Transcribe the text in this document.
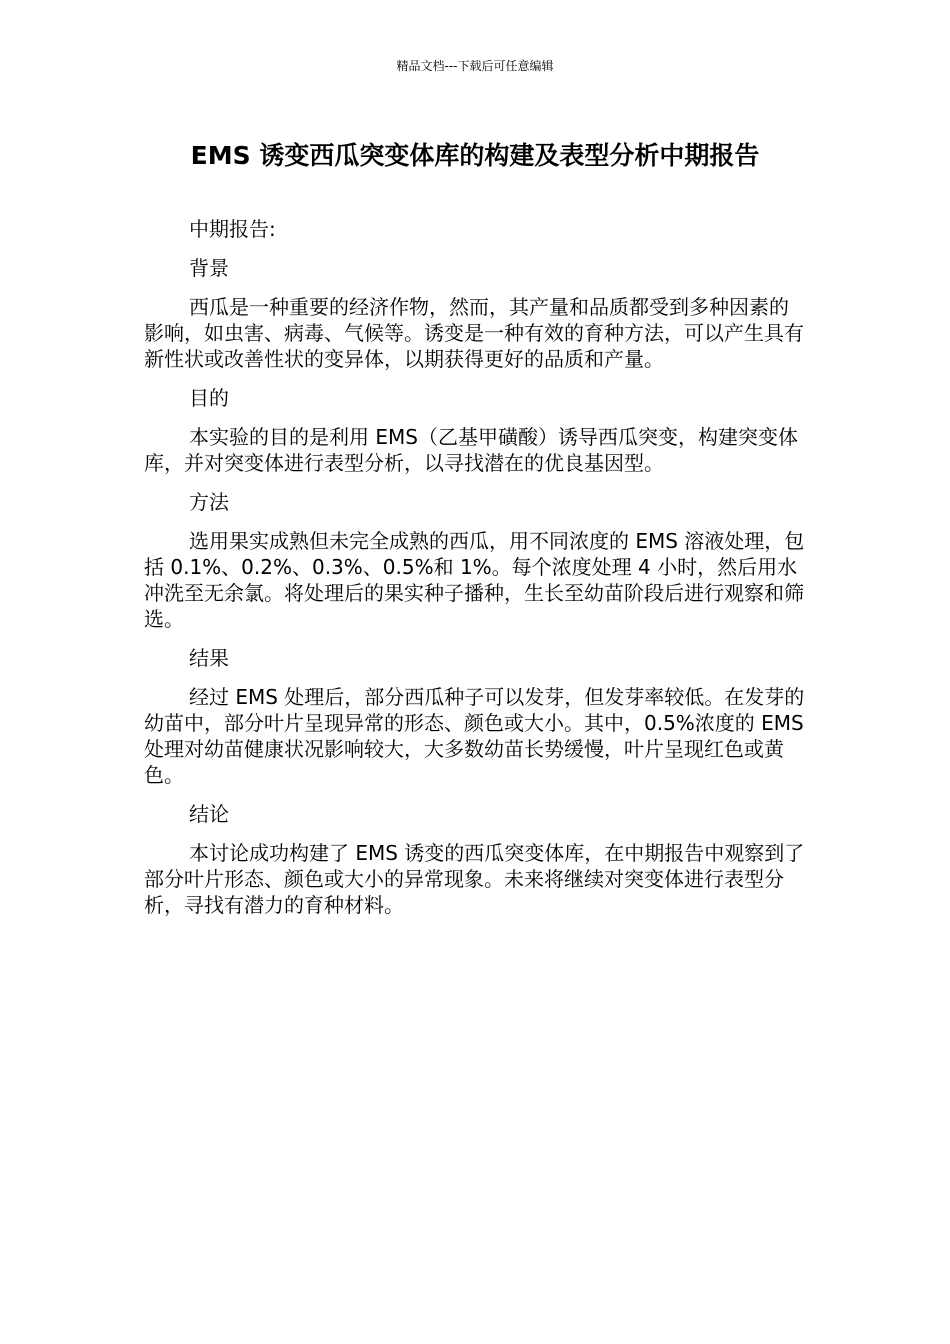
精品文档---下载后可任意编辑
EMS 诱变西瓜突变体库的构建及表型分析中期报告

中期报告:

背景

西瓜是一种重要的经济作物，然而，其产量和品质都受到多种因素的影响，如虫害、病毒、气候等。诱变是一种有效的育种方法，可以产生具有新性状或改善性状的变异体，以期获得更好的品质和产量。

目的

本实验的目的是利用 EMS（乙基甲磺酸）诱导西瓜突变，构建突变体库，并对突变体进行表型分析，以寻找潜在的优良基因型。

方法

选用果实成熟但未完全成熟的西瓜，用不同浓度的 EMS 溶液处理，包括 0.1%、0.2%、0.3%、0.5%和 1%。每个浓度处理 4 小时，然后用水冲洗至无余氯。将处理后的果实种子播种，生长至幼苗阶段后进行观察和筛选。

结果

经过 EMS 处理后，部分西瓜种子可以发芽，但发芽率较低。在发芽的幼苗中，部分叶片呈现异常的形态、颜色或大小。其中，0.5%浓度的 EMS 处理对幼苗健康状况影响较大，大多数幼苗长势缓慢，叶片呈现红色或黄色。

结论

本讨论成功构建了 EMS 诱变的西瓜突变体库，在中期报告中观察到了部分叶片形态、颜色或大小的异常现象。未来将继续对突变体进行表型分析，寻找有潜力的育种材料。
